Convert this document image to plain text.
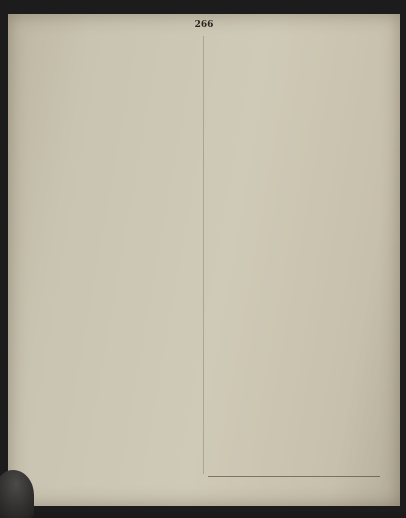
266
